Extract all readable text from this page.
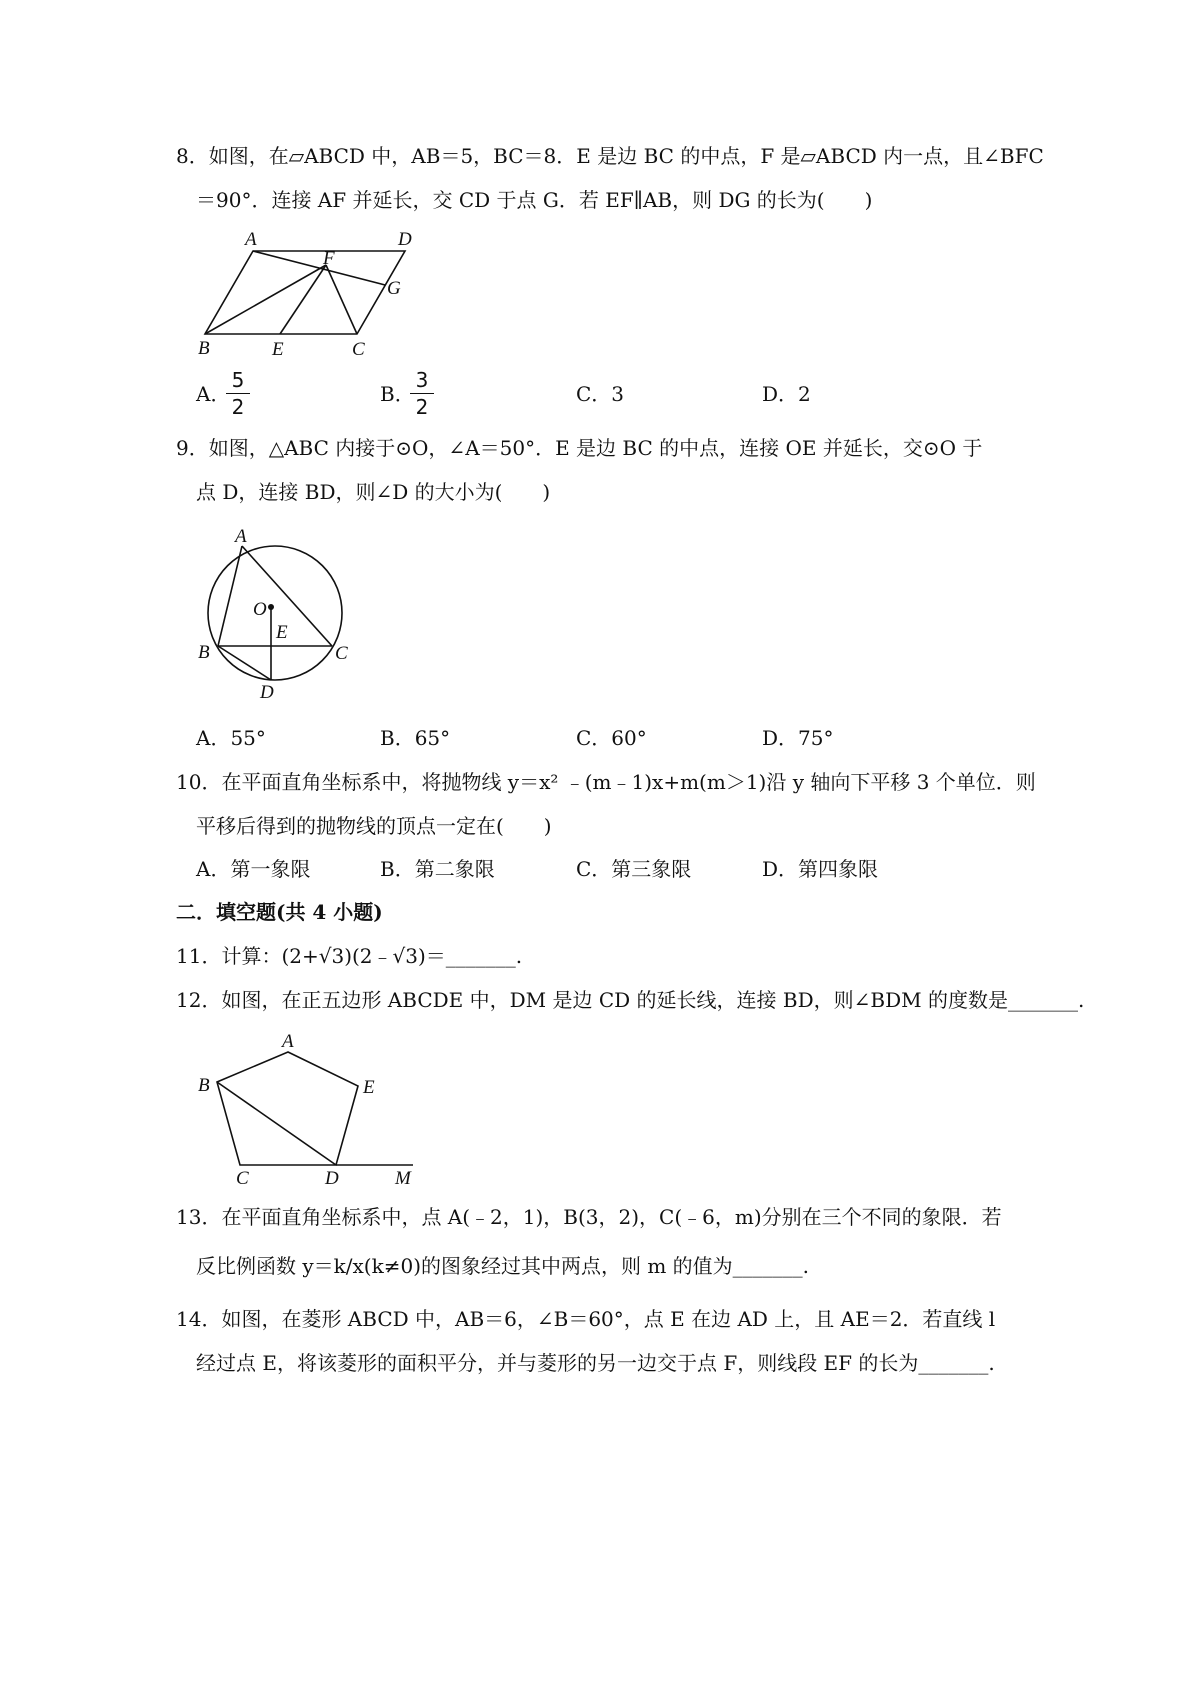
8．如图，在▱ABCD 中，AB＝5，BC＝8．E 是边 BC 的中点，F 是▱ABCD 内一点，且∠BFC
＝90°．连接 AF 并延长，交 CD 于点 G．若 EF∥AB，则 DG 的长为(　　)
A	D
F
G
B	E	C
A．
5
2
B．
3
2
C．3	D．2
9．如图，△ABC 内接于⊙O，∠A＝50°．E 是边 BC 的中点，连接 OE 并延长，交⊙O 于
点 D，连接 BD，则∠D 的大小为(　　)
A
O
E
B	C
D
A．55°	B．65°	C．60°	D．75°
10．在平面直角坐标系中，将抛物线 y＝x² ﹣(m﹣1)x+m(m＞1)沿 y 轴向下平移 3 个单位．则
平移后得到的抛物线的顶点一定在(　　)
A．第一象限	B．第二象限	C．第三象限	D．第四象限
二．填空题(共 4 小题)
11．计算：(2+√3)(2﹣√3)＝_______.
12．如图，在正五边形 ABCDE 中，DM 是边 CD 的延长线，连接 BD，则∠BDM 的度数是_______.
A
B	E
C	D	M
13．在平面直角坐标系中，点 A(﹣2，1)，B(3，2)，C(﹣6，m)分别在三个不同的象限．若
反比例函数 y＝k/x(k≠0)的图象经过其中两点，则 m 的值为_______.
14．如图，在菱形 ABCD 中，AB＝6，∠B＝60°，点 E 在边 AD 上，且 AE＝2．若直线 l
经过点 E，将该菱形的面积平分，并与菱形的另一边交于点 F，则线段 EF 的长为_______.
